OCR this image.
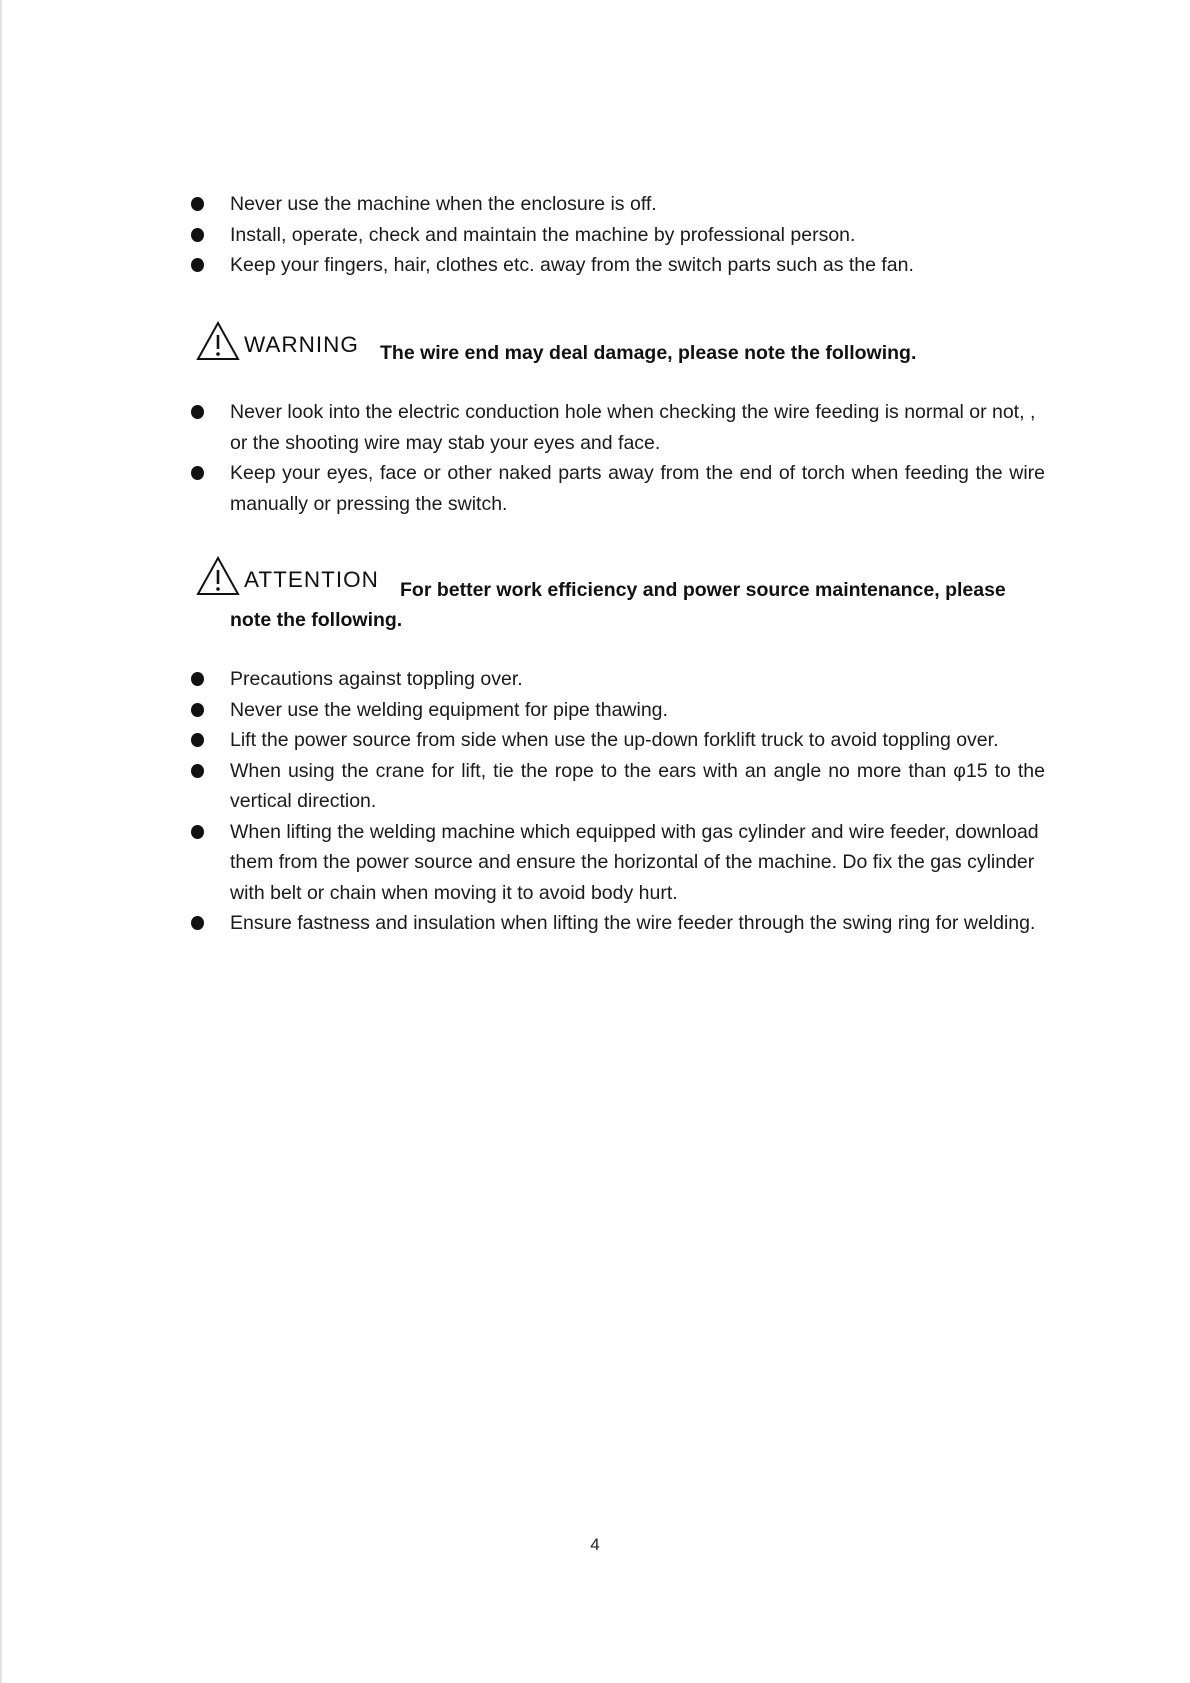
Never use the machine when the enclosure is off.
Install, operate, check and maintain the machine by professional person.
Keep your fingers, hair, clothes etc. away from the switch parts such as the fan.
WARNING The wire end may deal damage, please note the following.
Never look into the electric conduction hole when checking the wire feeding is normal or not, , or the shooting wire may stab your eyes and face.
Keep your eyes, face or other naked parts away from the end of torch when feeding the wire manually or pressing the switch.
ATTENTION For better work efficiency and power source maintenance, please
note the following.
Precautions against toppling over.
Never use the welding equipment for pipe thawing.
Lift the power source from side when use the up-down forklift truck to avoid toppling over.
When using the crane for lift, tie the rope to the ears with an angle no more than φ15 to the vertical direction.
When lifting the welding machine which equipped with gas cylinder and wire feeder, download them from the power source and ensure the horizontal of the machine. Do fix the gas cylinder with belt or chain when moving it to avoid body hurt.
Ensure fastness and insulation when lifting the wire feeder through the swing ring for welding.
4
